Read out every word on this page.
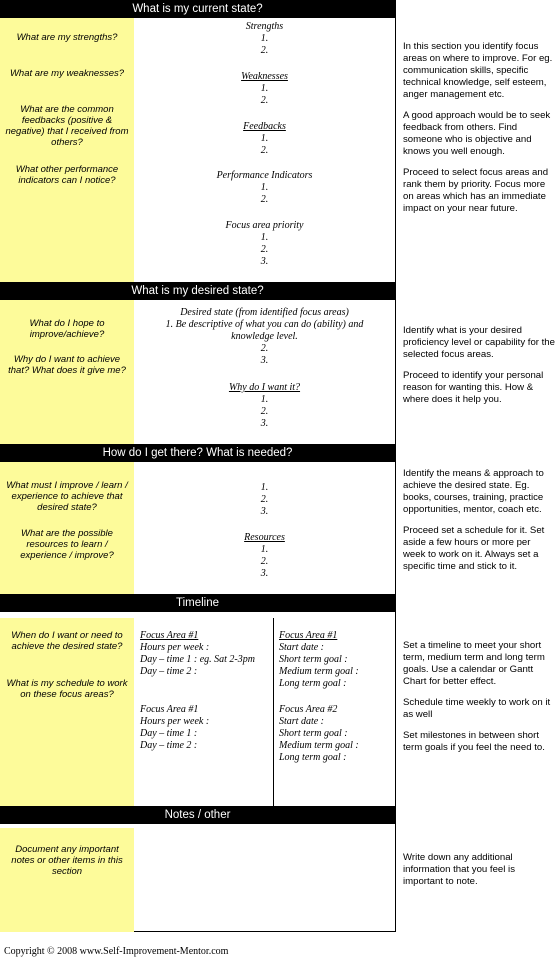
What is my current state?

What are my strengths?

What are my weaknesses?

What are the common feedbacks (positive & negative) that I received from others?

What other performance indicators can I notice?

Strengths
1.
2.
Weaknesses
1.
2.
Feedbacks
1.
2.
Performance Indicators
1.
2.
Focus area priority
1.
2.
3.

In this section you identify focus areas on where to improve. For eg. communication skills, specific technical knowledge, self esteem, anger management etc.

A good approach would be to seek feedback from others. Find someone who is objective and knows you well enough.

Proceed to select focus areas and rank them by priority. Focus more on areas which has an immediate impact on your near future.

What is my desired state?

What do I hope to improve/achieve?

Why do I want to achieve that? What does it give me?

Desired state (from identified focus areas)
1. Be descriptive of what you can do (ability) and knowledge level.
2.
3.
Why do I want it?
1.
2.
3.

Identify what is your desired proficiency level or capability for the selected focus areas.

Proceed to identify your personal reason for wanting this. How & where does it help you.

How do I get there? What is needed?

What must I improve / learn / experience to achieve that desired state?

What are the possible resources to learn / experience / improve?

1.
2.
3.
Resources
1.
2.
3.

Identify the means & approach to achieve the desired state. Eg. books, courses, training, practice opportunities, mentor, coach etc.

Proceed set a schedule for it. Set aside a few hours or more per week to work on it. Always set a specific time and stick to it.

Timeline

When do I want or need to achieve the desired state?

What is my schedule to work on these focus areas?

Focus Area #1
Hours per week :
Day – time 1 : eg. Sat 2-3pm
Day – time 2 :
Focus Area #1
Hours per week :
Day – time 1 :
Day – time 2 :
Focus Area #1
Start date :
Short term goal :
Medium term goal :
Long term goal :
Focus Area #2
Start date :
Short term goal :
Medium term goal :
Long term goal :

Set a timeline to meet your short term, medium term and long term goals. Use a calendar or Gantt Chart for better effect.

Schedule time weekly to work on it as well

Set milestones in between short term goals if you feel the need to.

Notes / other

Document any important notes or other items in this section

Write down any additional information that you feel is important to note.

Copyright © 2008 www.Self-Improvement-Mentor.com
